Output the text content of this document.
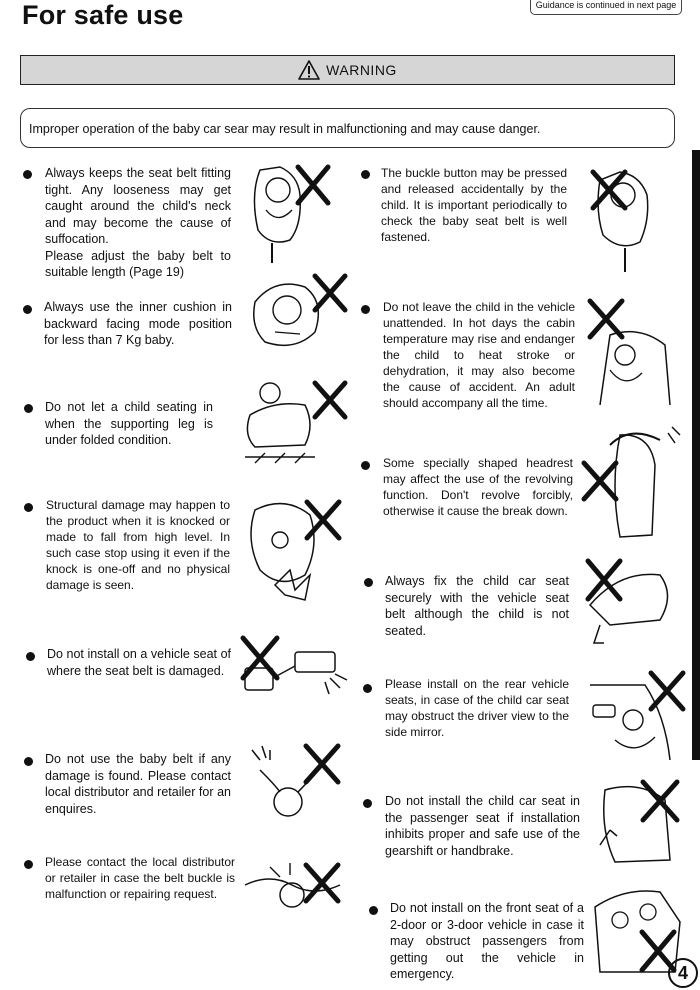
For safe use	Guidance is continued in next page
WARNING
Improper operation of the baby car sear may result in malfunctioning and may cause danger.
Always keeps the seat belt fitting tight. Any looseness may get caught around the child's neck and may become the cause of suffocation.
Please adjust the baby belt to suitable length (Page 19)
Always use the inner cushion in backward facing mode position for less than 7 Kg baby.
Do not let a child seating in when the supporting leg is under folded condition.
Structural damage may happen to the product when it is knocked or made to fall from high level. In such case stop using it even if the knock is one-off and no physical damage is seen.
Do not install on a vehicle seat of where the seat belt is damaged.
Do not use the baby belt if any damage is found. Please contact local distributor and retailer for an enquires.
Please contact the local distributor or retailer in case the belt buckle is malfunction or repairing request.
The buckle button may be pressed and released accidentally by the child. It is important periodically to check the baby seat belt is well fastened.
Do not leave the child in the vehicle unattended. In hot days the cabin temperature may rise and endanger the child to heat stroke or dehydration, it may also become the cause of accident. An adult should accompany all the time.
Some specially shaped headrest may affect the use of the revolving function. Don't revolve forcibly, otherwise it cause the break down.
Always fix the child car seat securely with the vehicle seat belt although the child is not seated.
Please install on the rear vehicle seats, in case of the child car seat may obstruct the driver view to the side mirror.
Do not install the child car seat in the passenger seat if installation inhibits proper and safe use of the gearshift or handbrake.
Do not install on the front seat of a 2-door or 3-door vehicle in case it may obstruct passengers from getting out the vehicle in emergency.	4
